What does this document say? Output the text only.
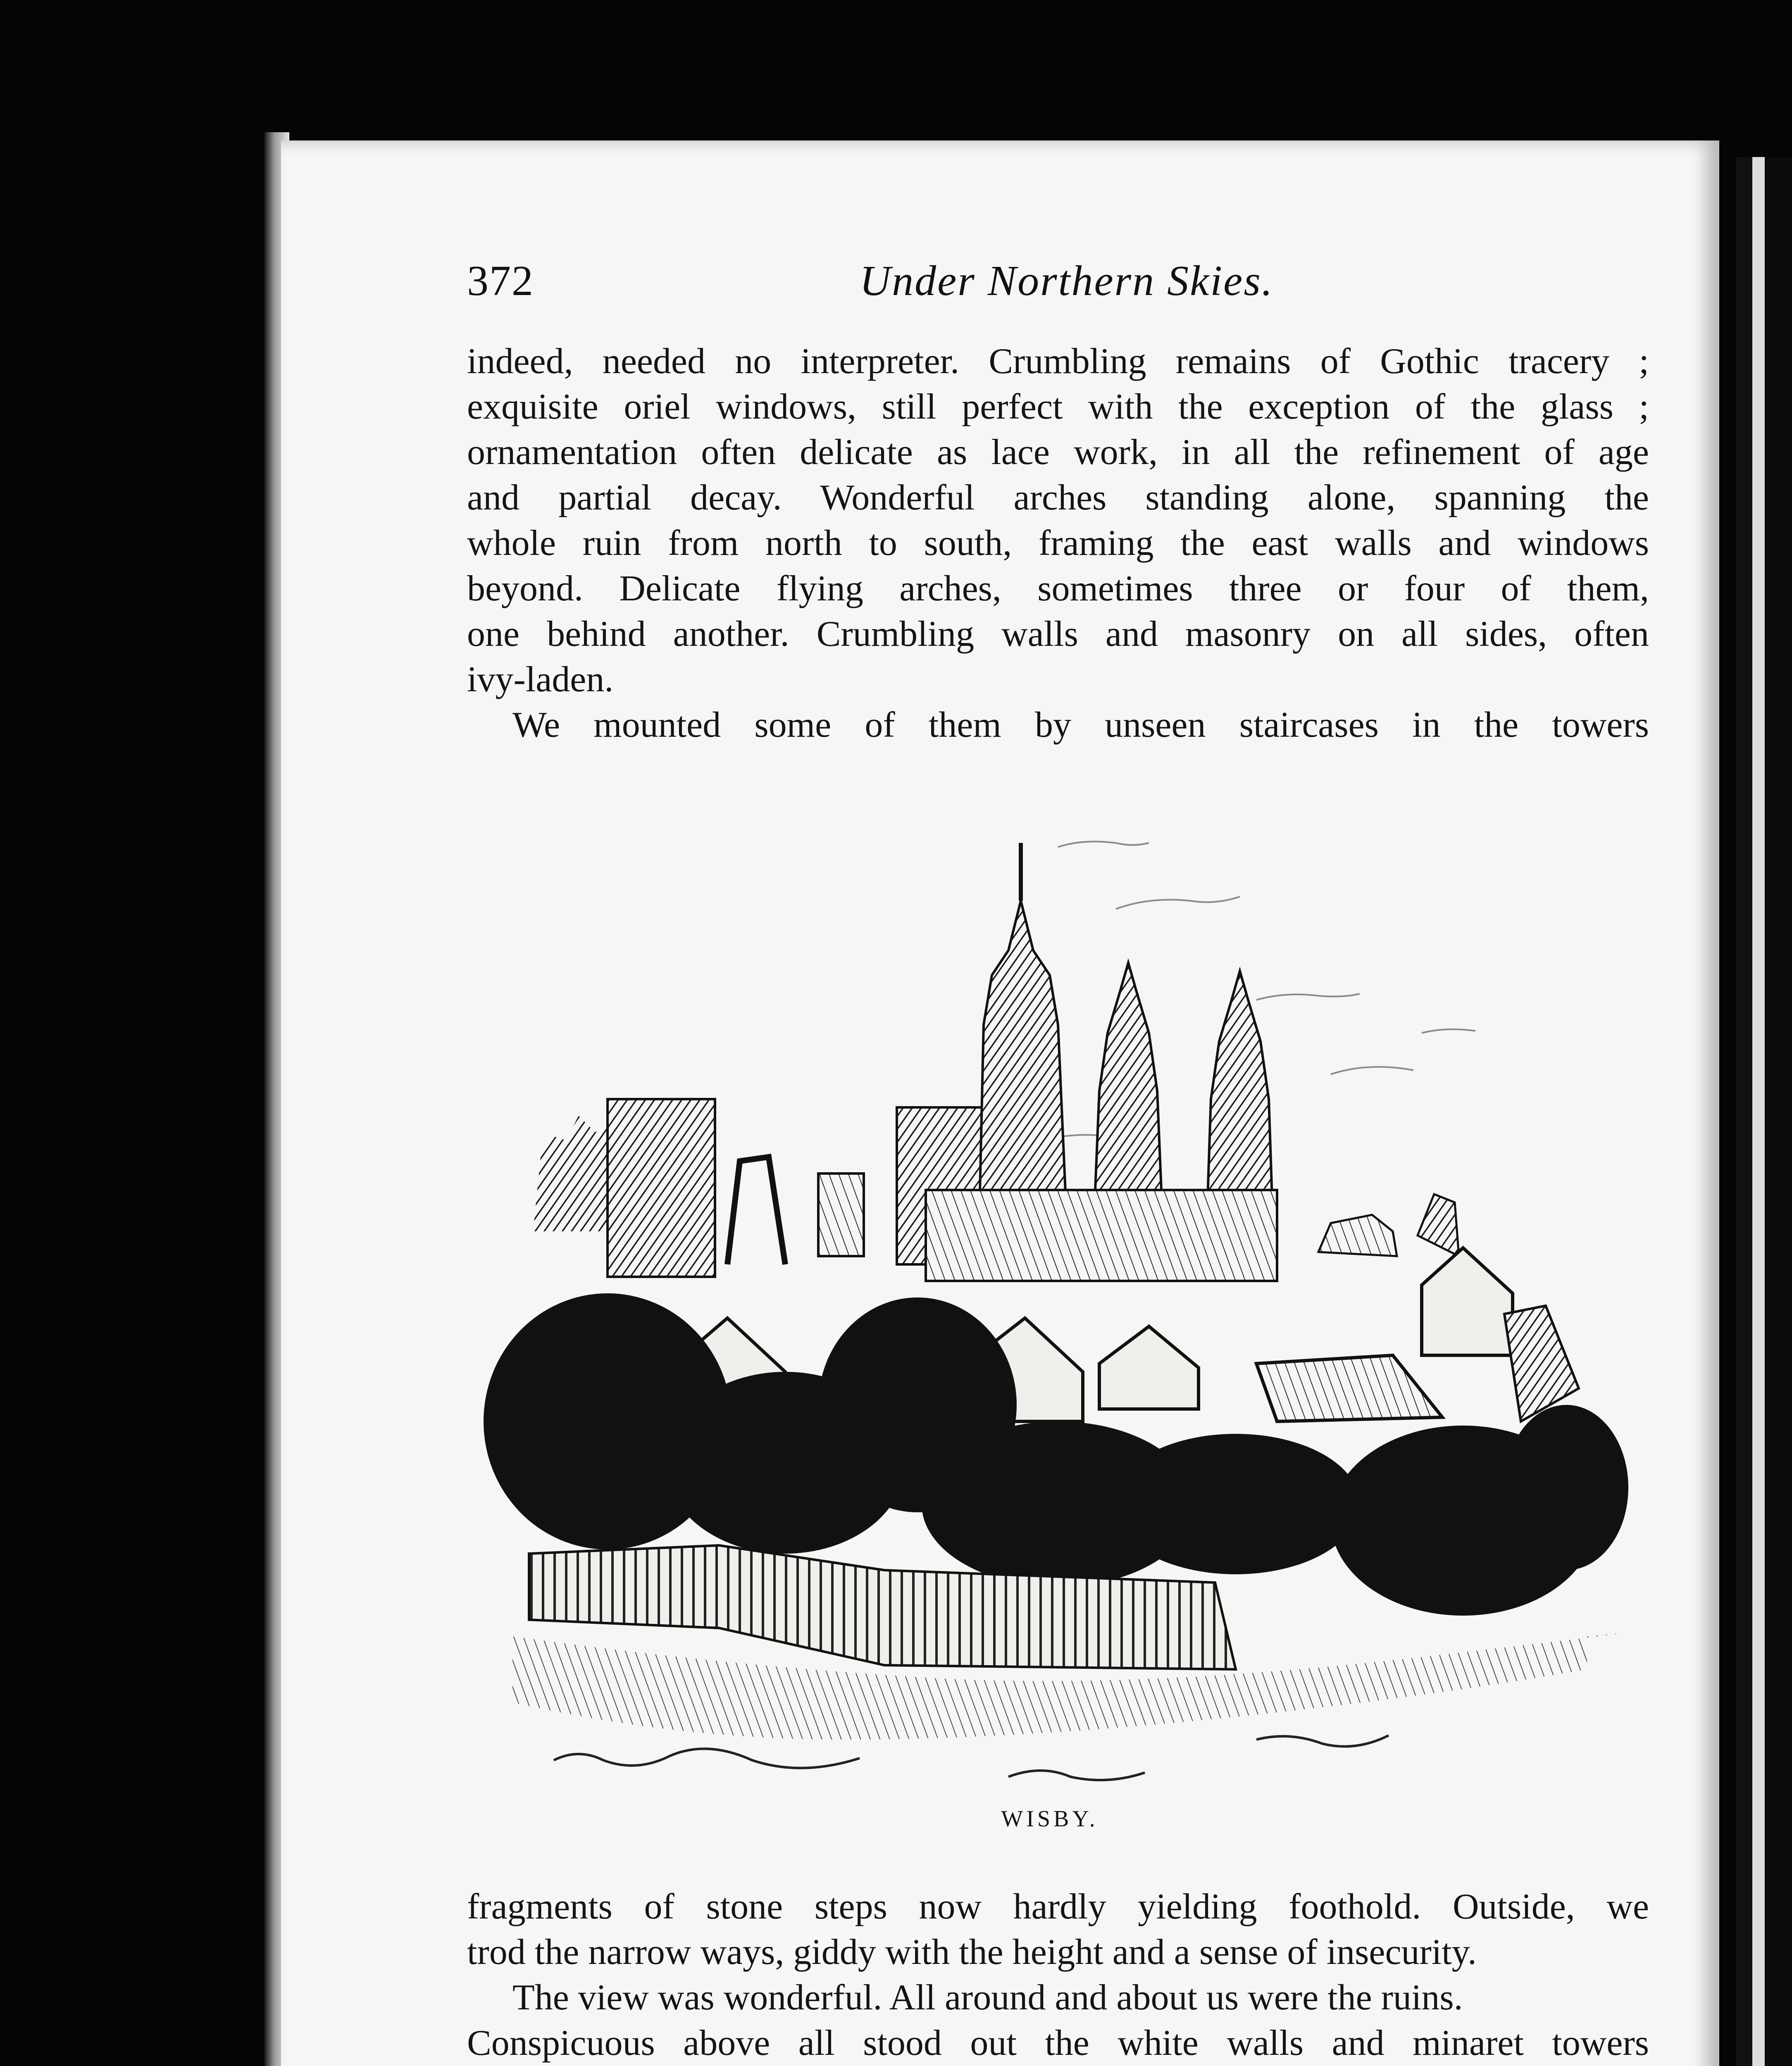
372	Under Northern Skies.
indeed, needed no interpreter. Crumbling remains of Gothic tracery ;
exquisite oriel windows, still perfect with the exception of the glass ;
ornamentation often delicate as lace work, in all the refinement of age
and partial decay. Wonderful arches standing alone, spanning the
whole ruin from north to south, framing the east walls and windows
beyond. Delicate flying arches, sometimes three or four of them,
one behind another. Crumbling walls and masonry on all sides, often
ivy-laden.
We mounted some of them by unseen staircases in the towers
WISBY.
fragments of stone steps now hardly yielding foothold. Outside, we
trod the narrow ways, giddy with the height and a sense of insecurity.
The view was wonderful. All around and about us were the ruins.
Conspicuous above all stood out the white walls and minaret towers
